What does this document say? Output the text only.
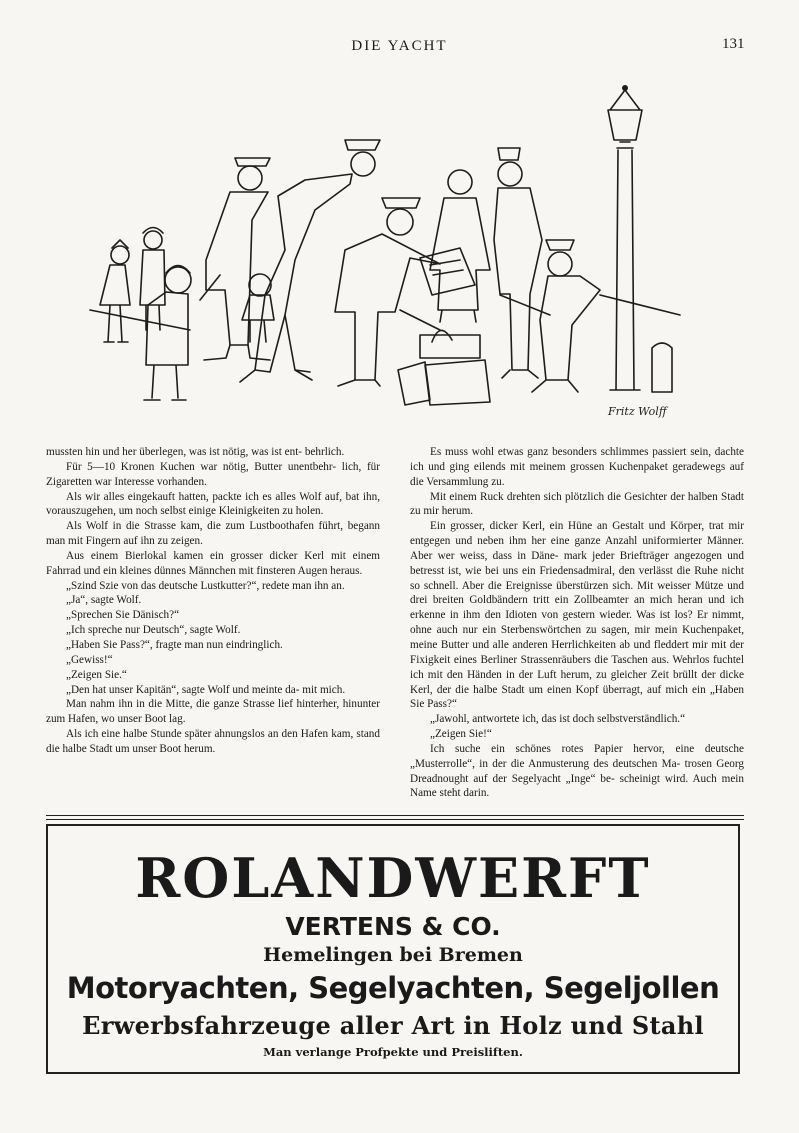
DIE YACHT	131
Fritz Wolff

mussten hin und her überlegen, was ist nötig, was ist ent- behrlich.

Für 5—10 Kronen Kuchen war nötig, Butter unentbehr- lich, für Zigaretten war Interesse vorhanden.

Als wir alles eingekauft hatten, packte ich es alles Wolf auf, bat ihn, vorauszugehen, um noch selbst einige Kleinigkeiten zu holen.

Als Wolf in die Strasse kam, die zum Lustboothafen führt, begann man mit Fingern auf ihn zu zeigen.

Aus einem Bierlokal kamen ein grosser dicker Kerl mit einem Fahrrad und ein kleines dünnes Männchen mit finsteren Augen heraus.

„Szind Szie von das deutsche Lustkutter?“, redete man ihn an.

„Ja“, sagte Wolf.

„Sprechen Sie Dänisch?“

„Ich spreche nur Deutsch“, sagte Wolf.

„Haben Sie Pass?“, fragte man nun eindringlich.

„Gewiss!“

„Zeigen Sie.“

„Den hat unser Kapitän“, sagte Wolf und meinte da- mit mich.

Man nahm ihn in die Mitte, die ganze Strasse lief hinterher, hinunter zum Hafen, wo unser Boot lag.

Als ich eine halbe Stunde später ahnungslos an den Hafen kam, stand die halbe Stadt um unser Boot herum.

Es muss wohl etwas ganz besonders schlimmes passiert sein, dachte ich und ging eilends mit meinem grossen Kuchenpaket geradewegs auf die Versammlung zu.

Mit einem Ruck drehten sich plötzlich die Gesichter der halben Stadt zu mir herum.

Ein grosser, dicker Kerl, ein Hüne an Gestalt und Körper, trat mir entgegen und neben ihm her eine ganze Anzahl uniformierter Männer. Aber wer weiss, dass in Däne- mark jeder Briefträger angezogen und betresst ist, wie bei uns ein Friedensadmiral, den verlässt die Ruhe nicht so schnell. Aber die Ereignisse überstürzen sich. Mit weisser Mütze und drei breiten Goldbändern tritt ein Zollbeamter an mich heran und ich erkenne in ihm den Idioten von gestern wieder. Was ist los? Er nimmt, ohne auch nur ein Sterbenswörtchen zu sagen, mir mein Kuchenpaket, meine Butter und alle anderen Herrlichkeiten ab und fleddert mir mit der Fixigkeit eines Berliner Strassenräubers die Taschen aus. Wehrlos fuchtel ich mit den Händen in der Luft herum, zu gleicher Zeit brüllt der dicke Kerl, der die halbe Stadt um einen Kopf überragt, auf mich ein „Haben Sie Pass?“

„Jawohl, antwortete ich, das ist doch selbstverständlich.“

„Zeigen Sie!“

Ich suche ein schönes rotes Papier hervor, eine deutsche „Musterrolle“, in der die Anmusterung des deutschen Ma- trosen Georg Dreadnought auf der Segelyacht „Inge“ be- scheinigt wird. Auch mein Name steht darin.

ROLANDWERFT
VERTENS & CO.
Hemelingen bei Bremen
Motoryachten, Segelyachten, Segeljollen
Erwerbsfahrzeuge aller Art in Holz und Stahl
Man verlange Profpekte und Preisliften.
